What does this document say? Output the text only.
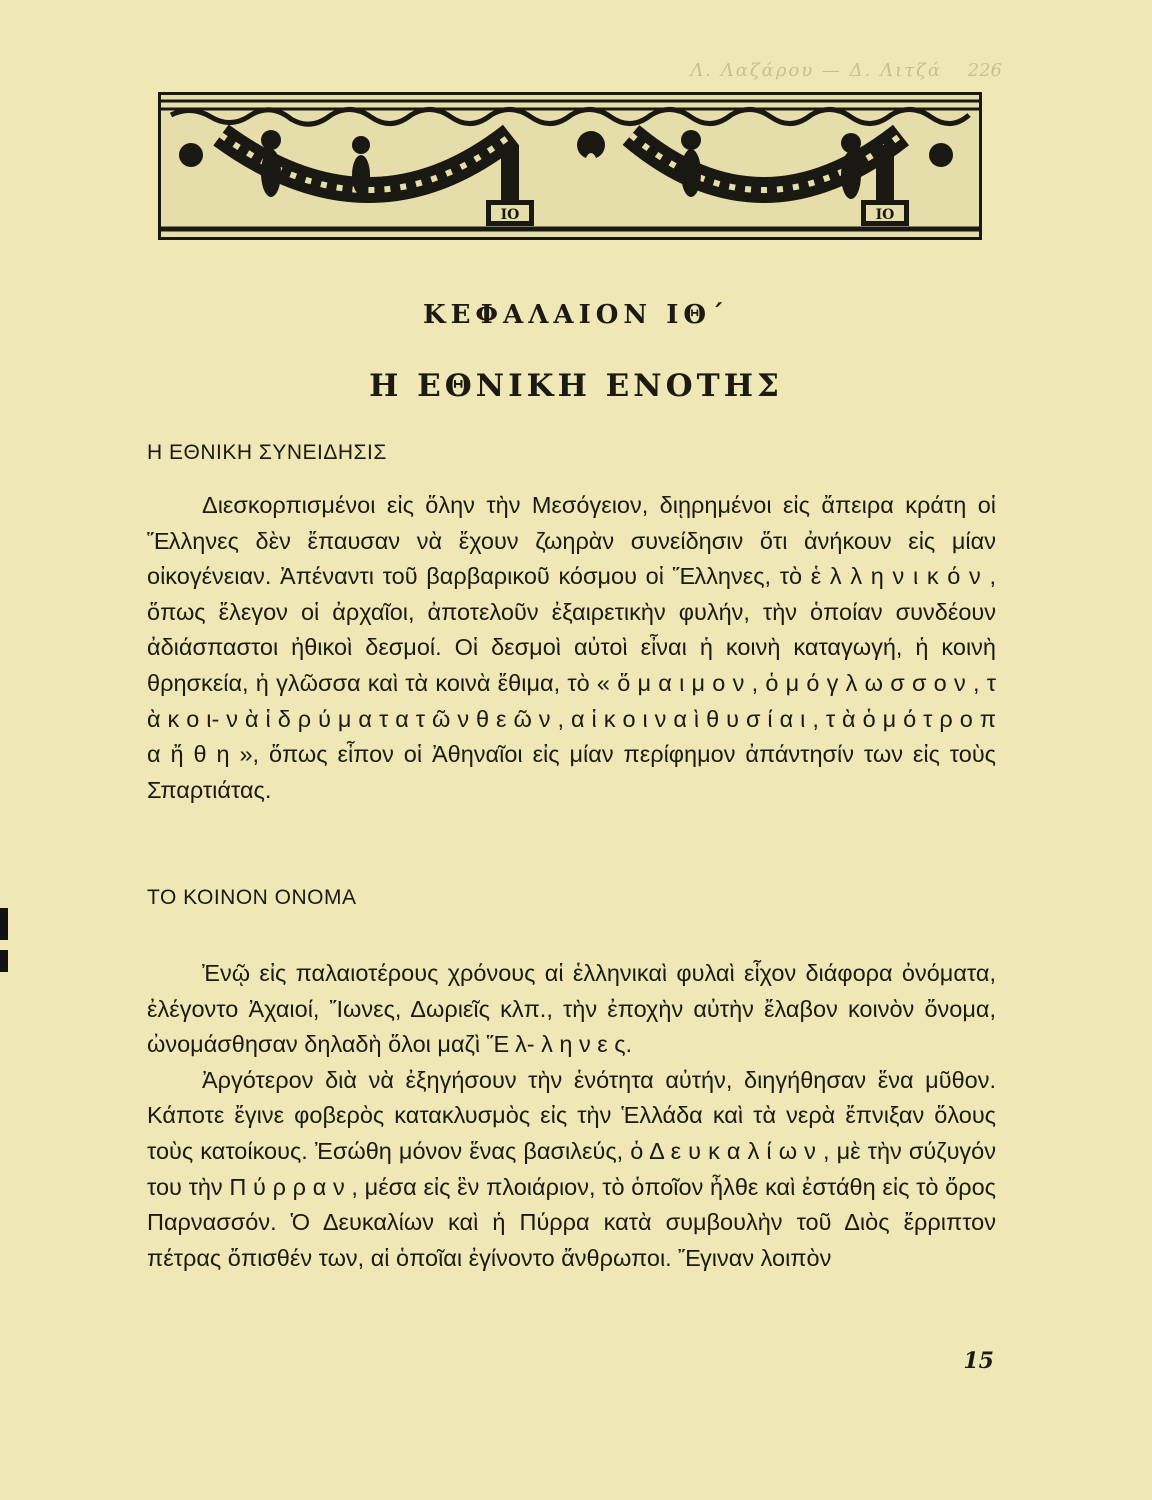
Λ. Λαζάρου — Δ. Λιτζά 226
ΙΟ	ΙΟ
ΚΕΦΑΛΑΙΟΝ ΙΘ΄
Η ΕΘΝΙΚΗ ΕΝΟΤΗΣ
Η ΕΘΝΙΚΗ ΣΥΝΕΙΔΗΣΙΣ

Διεσκορπισμένοι εἰς ὅλην τὴν Μεσόγειον, διῃρημένοι εἰς ἄπειρα κράτη οἱ Ἕλληνες δὲν ἔπαυσαν νὰ ἔχουν ζωηρὰν συνείδησιν ὅτι ἀνήκουν εἰς μίαν οἰκογένειαν. Ἀπέναντι τοῦ βαρβαρικοῦ κόσμου οἱ Ἕλληνες, τὸ ἑ λ λ η ν ι κ ό ν , ὅπως ἔλεγον οἱ ἀρχαῖοι, ἀποτελοῦν ἐξαιρετικὴν φυλήν, τὴν ὁποίαν συνδέουν ἀδιάσπαστοι ἠθικοὶ δεσμοί. Οἱ δεσμοὶ αὐτοὶ εἶναι ἡ κοινὴ καταγωγή, ἡ κοινὴ θρησκεία, ἡ γλῶσσα καὶ τὰ κοινὰ ἔθιμα, τὸ « ὅ μ α ι μ ο ν , ὁ μ ό γ λ ω σ σ ο ν , τ ὰ κ ο ι- ν ὰ ἱ δ ρ ύ μ α τ α τ ῶ ν θ ε ῶ ν , α ἱ κ ο ι ν α ὶ θ υ σ ί α ι , τ ὰ ὁ μ ό τ ρ ο π α ἤ θ η », ὅπως εἶπον οἱ Ἀθηναῖοι εἰς μίαν περίφημον ἀπάντησίν των εἰς τοὺς Σπαρτιάτας.

ΤΟ ΚΟΙΝΟΝ ΟΝΟΜΑ

Ἐνῷ εἰς παλαιοτέρους χρόνους αἱ ἑλληνικαὶ φυλαὶ εἶχον διάφορα ὀνόματα, ἐλέγοντο Ἀχαιοί, Ἴωνες, Δωριεῖς κλπ., τὴν ἐποχὴν αὐτὴν ἔλαβον κοινὸν ὄνομα, ὠνομάσθησαν δηλαδὴ ὅλοι μαζὶ Ἕ λ- λ η ν ε ς.

Ἀργότερον διὰ νὰ ἐξηγήσουν τὴν ἑνότητα αὐτήν, διηγήθησαν ἕνα μῦθον. Κάποτε ἔγινε φοβερὸς κατακλυσμὸς εἰς τὴν Ἑλλάδα καὶ τὰ νερὰ ἔπνιξαν ὅλους τοὺς κατοίκους. Ἐσώθη μόνον ἕνας βασιλεύς, ὁ Δ ε υ κ α λ ί ω ν , μὲ τὴν σύζυγόν του τὴν Π ύ ρ ρ α ν , μέσα εἰς ἓν πλοιάριον, τὸ ὁποῖον ἦλθε καὶ ἐστάθη εἰς τὸ ὄρος Παρνασσόν. Ὁ Δευκαλίων καὶ ἡ Πύρρα κατὰ συμβουλὴν τοῦ Διὸς ἔρριπτον πέτρας ὄπισθέν των, αἱ ὁποῖαι ἐγίνοντο ἄνθρωποι. Ἔγιναν λοιπὸν

15
